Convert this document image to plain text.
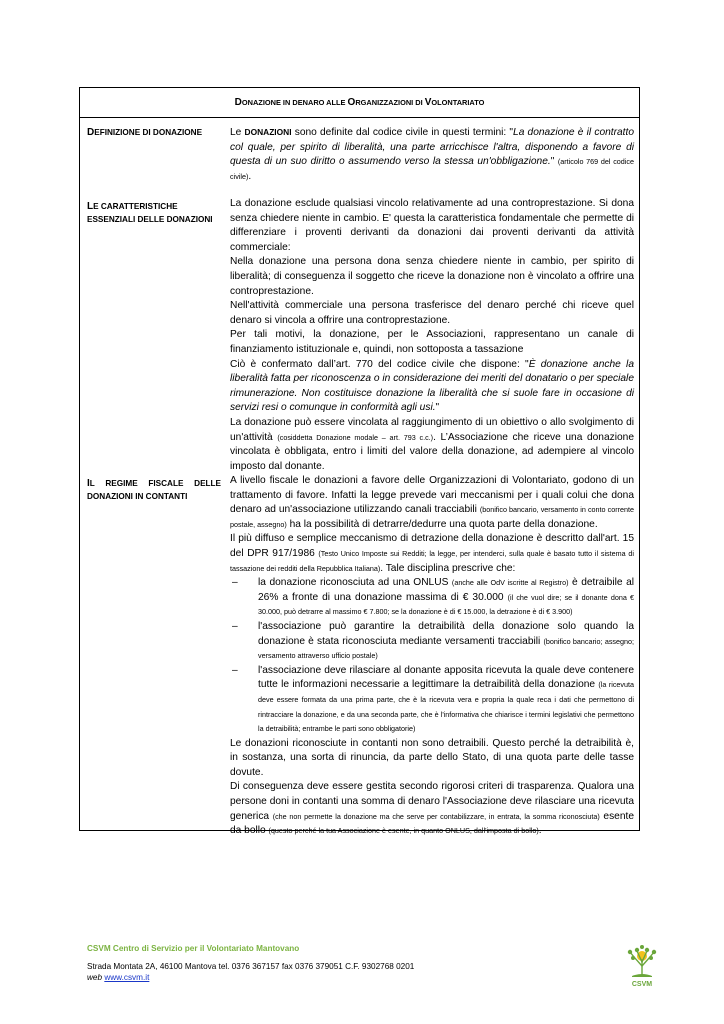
DONAZIONE IN DENARO ALLE ORGANIZZAZIONI DI VOLONTARIATO
DEFINIZIONE DI DONAZIONE	Le DONAZIONI sono definite dal codice civile in questi termini: "La donazione è il contratto col quale, per spirito di liberalità, una parte arricchisce l'altra, disponendo a favore di questa di un suo diritto o assumendo verso la stessa un'obbligazione." (articolo 769 del codice civile).

LE CARATTERISTICHE ESSENZIALI DELLE DONAZIONI

La donazione esclude qualsiasi vincolo relativamente ad una controprestazione. Si dona senza chiedere niente in cambio. E' questa la caratteristica fondamentale che permette di differenziare i proventi derivanti da donazioni dai proventi derivanti da attività commerciale:

Nella donazione una persona dona senza chiedere niente in cambio, per spirito di liberalità; di conseguenza il soggetto che riceve la donazione non è vincolato a offrire una controprestazione.

Nell'attività commerciale una persona trasferisce del denaro perché chi riceve quel denaro si vincola a offrire una controprestazione.

Per tali motivi, la donazione, per le Associazioni, rappresentano un canale di finanziamento istituzionale e, quindi, non sottoposta a tassazione

Ciò è confermato dall’art. 770 del codice civile che dispone: "È donazione anche la liberalità fatta per riconoscenza o in considerazione dei meriti del donatario o per speciale rimunerazione. Non costituisce donazione la liberalità che si suole fare in occasione di servizi resi o comunque in conformità agli usi."

La donazione può essere vincolata al raggiungimento di un obiettivo o allo svolgimento di un'attività (cosiddetta Donazione modale – art. 793 c.c.). L’Associazione che riceve una donazione vincolata è obbligata, entro i limiti del valore della donazione, ad adempiere al vincolo imposto dal donante.

IL REGIME FISCALE DELLE DONAZIONI IN CONTANTI

A livello fiscale le donazioni a favore delle Organizzazioni di Volontariato, godono di un trattamento di favore. Infatti la legge prevede vari meccanismi per i quali colui che dona denaro ad un'associazione utilizzando canali tracciabili (bonifico bancario, versamento in conto corrente postale, assegno) ha la possibilità di detrarre/dedurre una quota parte della donazione.

Il più diffuso e semplice meccanismo di detrazione della donazione è descritto dall'art. 15 del DPR 917/1986 (Testo Unico Imposte sui Redditi; la legge, per intenderci, sulla quale è basato tutto il sistema di tassazione dei redditi della Repubblica Italiana). Tale disciplina prescrive che:

– la donazione riconosciuta ad una ONLUS (anche alle OdV iscritte al Registro) è detraibile al 26% a fronte di una donazione massima di € 30.000 (il che vuol dire; se il donante dona € 30.000, può detrarre al massimo € 7.800; se la donazione è di € 15.000, la detrazione è di € 3.900)

– l'associazione può garantire la detraibilità della donazione solo quando la donazione è stata riconosciuta mediante versamenti tracciabili (bonifico bancario; assegno; versamento attraverso ufficio postale)

– l'associazione deve rilasciare al donante apposita ricevuta la quale deve contenere tutte le informazioni necessarie a legittimare la detraibilità della donazione (la ricevuta deve essere formata da una prima parte, che è la ricevuta vera e propria la quale reca i dati che permettono di rintracciare la donazione, e da una seconda parte, che è l'informativa che chiarisce i termini legislativi che permettono la detraibilità; entrambe le parti sono obbligatorie)

Le donazioni riconosciute in contanti non sono detraibili. Questo perché la detraibilità è, in sostanza, una sorta di rinuncia, da parte dello Stato, di una quota parte delle tasse dovute.

Di conseguenza deve essere gestita secondo rigorosi criteri di trasparenza. Qualora una persone doni in contanti una somma di denaro l'Associazione deve rilasciare una ricevuta generica (che non permette la donazione ma che serve per contabilizzare, in entrata, la somma riconosciuta) esente da bollo (questo perché la tua Associazione è esente, in quanto ONLUS, dall'imposta di bollo).

CSVM Centro di Servizio per il Volontariato Mantovano
Strada Montata 2A, 46100 Mantova tel. 0376 367157 fax 0376 379051 C.F. 9302768 0201
web www.csvm.it
CSVM
